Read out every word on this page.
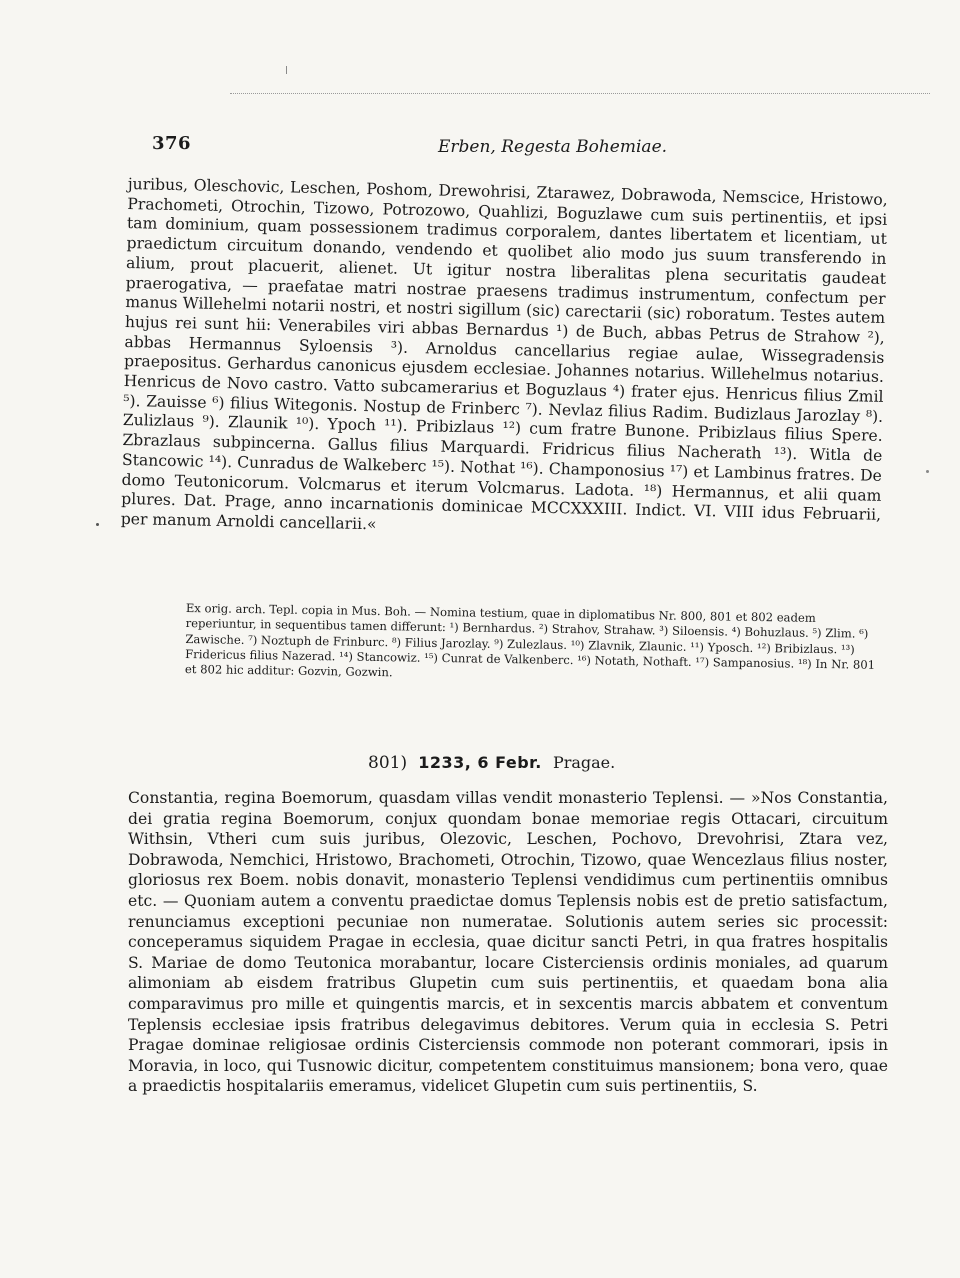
376	Erben, Regesta Bohemiae.

juribus, Oleschovic, Leschen, Poshom, Drewohrisi, Ztarawez, Dobrawoda, Nemscice, Hristowo, Prachometi, Otrochin, Tizowo, Potrozowo, Quahlizi, Boguzlawe cum suis pertinentiis, et ipsi tam dominium, quam possessionem tradimus corporalem, dantes libertatem et licentiam, ut praedictum circuitum donando, vendendo et quolibet alio modo jus suum transferendo in alium, prout placuerit, alienet. Ut igitur nostra liberalitas plena securitatis gaudeat praerogativa, — praefatae matri nostrae praesens tradimus instrumentum, confectum per manus Willehelmi notarii nostri, et nostri sigillum (sic) carectarii (sic) roboratum. Testes autem hujus rei sunt hii: Venerabiles viri abbas Bernardus ¹) de Buch, abbas Petrus de Strahow ²), abbas Hermannus Syloensis ³). Arnoldus cancellarius regiae aulae, Wissegradensis praepositus. Gerhardus canonicus ejusdem ecclesiae. Johannes notarius. Willehelmus notarius. Henricus de Novo castro. Vatto subcamerarius et Boguzlaus ⁴) frater ejus. Henricus filius Zmil ⁵). Zauisse ⁶) filius Witegonis. Nostup de Frinberc ⁷). Nevlaz filius Radim. Budizlaus Jarozlay ⁸). Zulizlaus ⁹). Zlaunik ¹⁰). Ypoch ¹¹). Pribizlaus ¹²) cum fratre Bunone. Pribizlaus filius Spere. Zbrazlaus subpincerna. Gallus filius Marquardi. Fridricus filius Nacherath ¹³). Witla de Stancowic ¹⁴). Cunradus de Walkeberc ¹⁵). Nothat ¹⁶). Champonosius ¹⁷) et Lambinus fratres. De domo Teutonicorum. Volcmarus et iterum Volcmarus. Ladota. ¹⁸) Hermannus, et alii quam plures. Dat. Prage, anno incarnationis dominicae MCCXXXIII. Indict. VI. VIII idus Februarii, per manum Arnoldi cancellarii.«

Ex orig. arch. Tepl. copia in Mus. Boh. — Nomina testium, quae in diplomatibus Nr. 800, 801 et 802 eadem reperiuntur, in sequentibus tamen differunt: ¹) Bernhardus. ²) Strahov, Strahaw. ³) Siloensis. ⁴) Bohuzlaus. ⁵) Zlim. ⁶) Zawische. ⁷) Noztuph de Frinburc. ⁸) Filius Jarozlay. ⁹) Zulezlaus. ¹⁰) Zlavnik, Zlaunic. ¹¹) Yposch. ¹²) Bribizlaus. ¹³) Fridericus filius Nazerad. ¹⁴) Stancowiz. ¹⁵) Cunrat de Valkenberc. ¹⁶) Notath, Nothaft. ¹⁷) Sampanosius. ¹⁸) In Nr. 801 et 802 hic additur: Gozvin, Gozwin.

801) 1233, 6 Febr. Pragae.

Constantia, regina Boemorum, quasdam villas vendit monasterio Teplensi. — »Nos Constantia, dei gratia regina Boemorum, conjux quondam bonae memoriae regis Ottacari, circuitum Withsin, Vtheri cum suis juribus, Olezovic, Leschen, Pochovo, Drevohrisi, Ztara vez, Dobrawoda, Nemchici, Hristowo, Brachometi, Otrochin, Tizowo, quae Wencezlaus filius noster, gloriosus rex Boem. nobis donavit, monasterio Teplensi vendidimus cum pertinentiis omnibus etc. — Quoniam autem a conventu praedictae domus Teplensis nobis est de pretio satisfactum, renunciamus exceptioni pecuniae non numeratae. Solutionis autem series sic processit: conceperamus siquidem Pragae in ecclesia, quae dicitur sancti Petri, in qua fratres hospitalis S. Mariae de domo Teutonica morabantur, locare Cisterciensis ordinis moniales, ad quarum alimoniam ab eisdem fratribus Glupetin cum suis pertinentiis, et quaedam bona alia comparavimus pro mille et quingentis marcis, et in sexcentis marcis abbatem et conventum Teplensis ecclesiae ipsis fratribus delegavimus debitores. Verum quia in ecclesia S. Petri Pragae dominae religiosae ordinis Cisterciensis commode non poterant commorari, ipsis in Moravia, in loco, qui Tusnowic dicitur, competentem constituimus mansionem; bona vero, quae a praedictis hospitalariis emeramus, videlicet Glupetin cum suis pertinentiis, S.
